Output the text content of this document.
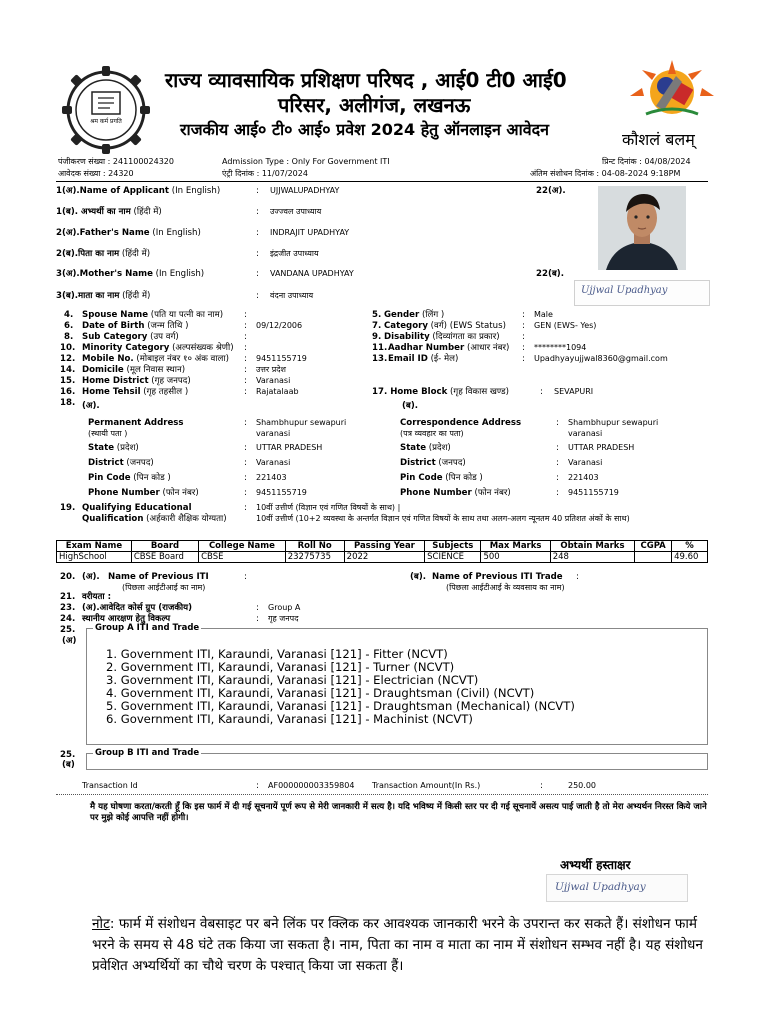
श्रम कर्म प्रगति
कौशलं बलम्
राज्य व्यावसायिक प्रशिक्षण परिषद , आई0 टी0 आई0
परिसर, अलीगंज, लखनऊ
राजकीय आई० टी० आई० प्रवेश 2024 हेतु ऑनलाइन आवेदन
पंजीकरण संख्या : 241100024320
आवेदक संख्या : 24320
Admission Type : Only For Government ITI
एंट्री दिनांक : 11/07/2024
प्रिन्ट दिनांक : 04/08/2024
अंतिम संशोधन दिनांक : 04-08-2024 9:18PM
1(अ).Name of Applicant (In English)	: UJJWALUPADHYAY	22(अ).
1(ब). अभ्यर्थी का नाम (हिंदी में)	: उज्ज्वल उपाध्याय
2(अ).Father's Name (In English)	: INDRAJIT UPADHYAY
2(ब).पिता का नाम (हिंदी में)	: इंद्रजीत उपाध्याय
3(अ).Mother's Name (In English)	: VANDANA UPADHYAY	22(ब).
3(ब).माता का नाम (हिंदी में)	: वंदना उपाध्याय	Ujjwal Upadhyay
4. Spouse Name (पति या पत्नी का नाम) :
6. Date of Birth (जन्म तिथि )	: 09/12/2006
8. Sub Category (उप वर्ग)	:
10. Minority Category (अल्पसंख्यक श्रेणी) :
12. Mobile No. (मोबाइल नंबर १० अंक वाला) : 9451155719
14. Domicile (मूल निवास स्थान)	: उत्तर प्रदेश
15. Home District (गृह जनपद)	: Varanasi
16. Home Tehsil (गृह तहसील )	: Rajatalaab
5. Gender (लिंग )	: Male
7. Category (वर्ग) (EWS Status) : GEN (EWS- Yes)
9. Disability (दिव्यांगता का प्रकार)	:
11. Aadhar Number (आधार नंबर) : ********1094
13. Email ID (ई- मेल)	: Upadhyayujjwal8360@gmail.com
17. Home Block (गृह विकास खण्ड)	: SEVAPURI
18. (अ).	(ब).
Permanent Address
(स्थायी पता )
: Shambhupur sewapuri
varanasi
State (प्रदेश)	: UTTAR PRADESH
District (जनपद)	: Varanasi
Pin Code (पिन कोड )	: 221403
Phone Number (फोन नंबर)	: 9451155719
Correspondence Address
(पत्र व्यवहार का पता)
: Shambhupur sewapuri
varanasi
State (प्रदेश)	: UTTAR PRADESH
District (जनपद)	: Varanasi
Pin Code (पिन कोड )	: 221403
Phone Number (फोन नंबर)	: 9451155719
19. Qualifying Educational
Qualification (अर्हकारी शैक्षिक योग्यता)
: 10वीं उत्तीर्ण (विज्ञान एवं गणित विषयों के साथ) |
10वीं उत्तीर्ण (10+2 व्यवस्था के अन्तर्गत विज्ञान एवं गणित विषयों के साथ तथा अलग-अलग न्यूनतम 40 प्रतिशत अंकों के साथ)
Exam Name	Board	College Name	Roll No	Passing Year	Subjects	Max Marks	Obtain Marks	CGPA	%
HighSchool	CBSE Board	CBSE	23275735	2022	SCIENCE	500	248		49.60
20. (अ). Name of Previous ITI	:
(पिछला आईटीआई का नाम)
(ब). Name of Previous ITI Trade :
(पिछला आईटीआई के व्यवसाय का नाम)
21. वरीयता :
23. (अ).आवेदित कोर्स ग्रुप (राजकीय)	: Group A
24. स्थानीय आरक्षण हेतु विकल्प	: गृह जनपद
25.
(अ)
Group A ITI and Trade
1. Government ITI, Karaundi, Varanasi [121] - Fitter (NCVT)
2. Government ITI, Karaundi, Varanasi [121] - Turner (NCVT)
3. Government ITI, Karaundi, Varanasi [121] - Electrician (NCVT)
4. Government ITI, Karaundi, Varanasi [121] - Draughtsman (Civil) (NCVT)
5. Government ITI, Karaundi, Varanasi [121] - Draughtsman (Mechanical) (NCVT)
6. Government ITI, Karaundi, Varanasi [121] - Machinist (NCVT)
25.
(ब)
Group B ITI and Trade
Transaction Id	: AF000000003359804 Transaction Amount(In Rs.)	:	250.00
मै यह घोषणा करता/करती हूँ कि इस फार्म में दी गई सूचनायें पूर्ण रूप से मेरी जानकारी में सत्य है। यदि भविष्य में किसी स्तर पर दी गई सूचनायें असत्य पाई जाती है तो मेरा अभ्यर्थन निरस्त किये जाने पर मुझे कोई आपत्ति नहीं होगी।
अभ्यर्थी हस्ताक्षर
Ujjwal Upadhyay
नोट: फार्म में संशोधन वेबसाइट पर बने लिंक पर क्लिक कर आवश्यक जानकारी भरने के उपरान्त कर सकते हैं। संशोधन फार्म भरने के समय से 48 घंटे तक किया जा सकता है। नाम, पिता का नाम व माता का नाम में संशोधन सम्भव नहीं है। यह संशोधन प्रवेशित अभ्यर्थियों का चौथे चरण के पश्चात् किया जा सकता हैं।
